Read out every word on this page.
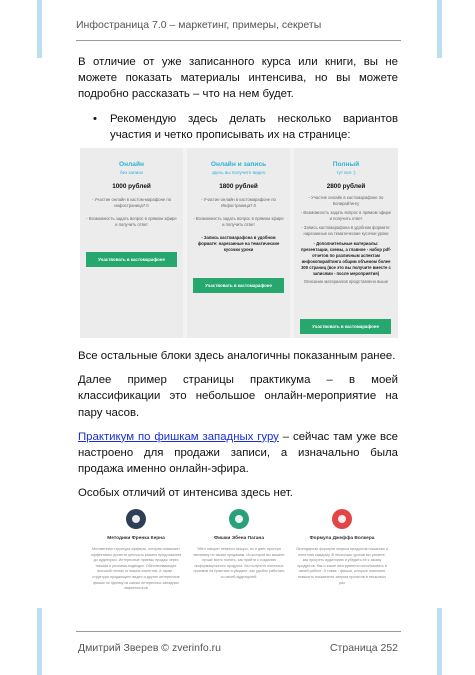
Инфостраница 7.0 – маркетинг, примеры, секреты

В отличие от уже записанного курса или книги, вы не можете показать материалы интенсива, но вы можете подробно рассказать – что на нем будет.

• Рекомендую здесь делать несколько вариантов участия и четко прописывать их на странице:
Онлайн
без записи
1000 рублей
- Участие онлайн в кастом-марафоне по инфостраница7.0
- Возможность задать вопрос в прямом эфире и получить ответ
Участвовать в кастомарафоне
Онлайн и запись
здесь вы получите видео
1800 рублей
- Участие онлайн в кастомарафоне по Инфостраница7.0
- Возможность задать вопрос в прямом эфире и получить ответ
- Запись кастомарафона в удобном формате: нарезанные на тематические кусочки уроки
Участвовать в кастомарафоне
Полный
тут все :)
2800 рублей
- Участие онлайн в кастомарафоне по Копирайтингу
- Возможность задать вопрос в прямом эфире и получить ответ
- Запись кастомарафона в удобном формате: нарезанные на тематические кусочки уроки
- Дополнительные материалы: презентации, схемы, а главное - набор pdf-отчетов по различным аспектам инфокопирайтинга общим объемом более 300 страниц (все это вы получите вместе с записями - после мероприятия)
Описание материалов представлено выше
Участвовать в кастомарафоне

Все остальные блоки здесь аналогичны показанным ранее.

Далее пример страницы практикума – в моей классификации это небольшое онлайн-мероприятие на пару часов.

Практикум по фишкам западных гуру – сейчас там уже все настроено для продажи записи, а изначально была продажа именно онлайн-эфира.

Особых отличий от интенсива здесь нет.

Методики Френка Керна
Мгновенная структура офферы, которая позволяет эффективно донести ценность вашего предложения до аудитории. Интересные приемы продаж через письма и реклама-подводки. Обеспечивающие высокий отклик от ваших клиентов. А также - структура продающего видео и другие интересные фишки по одному из самых интересных западных маркетологов
Фишки Эбена Пагана
Эбен говорит немного мощно, но и дает простую механику по своим продажам. Из которой вы можете лучше всего понять, как прийти к созданию информационного продукта. Вы получите полезных приемов на практике и увидите, как удобно работать со своей аудиторией.
Формула Джеффа Волкера
Легендарная формула запуска продуктов пошагово и понятная каждому. В несколько уроков вы узнаете, как прогреть аудиторию и убедить ее к заказу продуктов. Как и какие инструменты использовать в своей работе. А также - фишки, которые помогают повысить показатели запуска проектов в несколько раз
Дмитрий Зверев © zverinfo.ru	Страница 252
